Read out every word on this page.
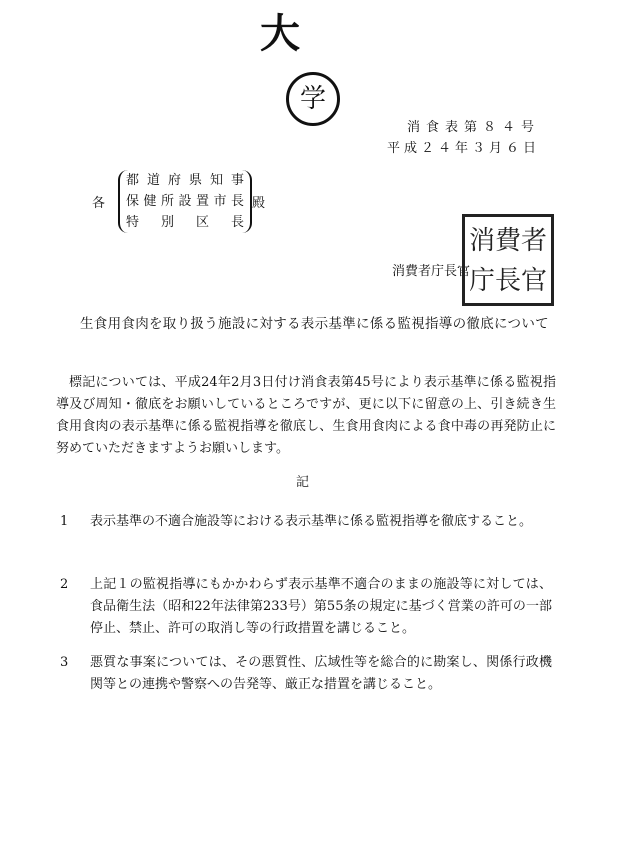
大
学
消食表第８４号
平成２４年３月６日
各
都道府県知事
保健所設置市長
特別区長
殿
消費者庁長官
消 費 者
庁 長 官
生食用食肉を取り扱う施設に対する表示基準に係る監視指導の徹底について
標記については、平成24年2月3日付け消食表第45号により表示基準に係る監視指導及び周知・徹底をお願いしているところですが、更に以下に留意の上、引き続き生食用食肉の表示基準に係る監視指導を徹底し、生食用食肉による食中毒の再発防止に努めていただきますようお願いします。
記
1	表示基準の不適合施設等における表示基準に係る監視指導を徹底すること。
2	上記１の監視指導にもかかわらず表示基準不適合のままの施設等に対しては、食品衛生法（昭和22年法律第233号）第55条の規定に基づく営業の許可の一部停止、禁止、許可の取消し等の行政措置を講じること。
3	悪質な事案については、その悪質性、広域性等を総合的に勘案し、関係行政機関等との連携や警察への告発等、厳正な措置を講じること。
